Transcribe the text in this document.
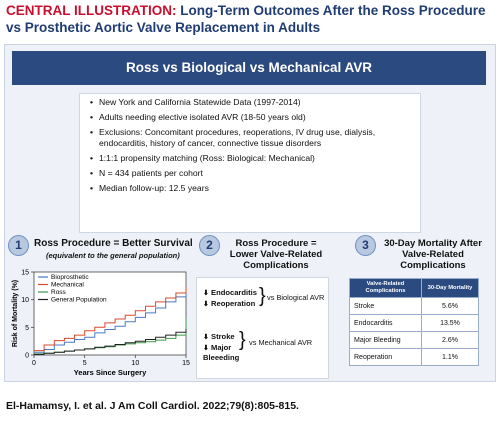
CENTRAL ILLUSTRATION: Long-Term Outcomes After the Ross Procedure
vs Prosthetic Aortic Valve Replacement in Adults
Ross vs Biological vs Mechanical AVR
• New York and California Statewide Data (1997-2014)
• Adults needing elective isolated AVR (18-50 years old)
• Exclusions: Concomitant procedures, reoperations, IV drug use, dialysis, endocarditis, history of cancer, connective tissue disorders
• 1:1:1 propensity matching (Ross: Biological: Mechanical)
• N = 434 patients per cohort
• Median follow-up: 12.5 years
1	Ross Procedure = Better Survival
(equivalent to the general population)
0
5
10
15
0	5	10	15
Years Since Surgery
Risk of Mortality (%)
Bioprosthetic
Mechanical
Ross
General Population
2	Ross Procedure = Lower Valve-Related Complications
⬇ Endocarditis
⬇ Reoperation } vs Biological AVR
⬇ Stroke
⬇ Major Bleeeding
} vs Mechanical AVR
3	30-Day Mortality After Valve-Related Complications
Valve-Related Complications	30-Day Mortality
Stroke	5.6%
Endocarditis	13.5%
Major Bleeding	2.6%
Reoperation	1.1%
El-Hamamsy, I. et al. J Am Coll Cardiol. 2022;79(8):805-815.
